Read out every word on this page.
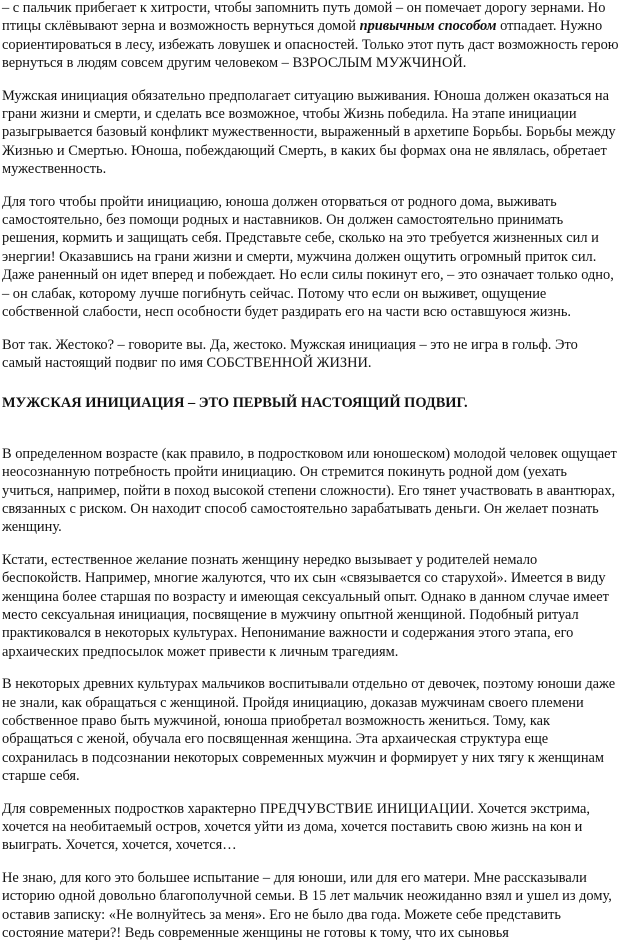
– с пальчик прибегает к хитрости, чтобы запомнить путь домой – он помечает дорогу зернами. Но птицы склёвывают зерна и возможность вернуться домой привычным способом отпадает. Нужно сориентироваться в лесу, избежать ловушек и опасностей. Только этот путь даст возможность герою вернуться в людям совсем другим человеком – ВЗРОСЛЫМ МУЖЧИНОЙ.

Мужская инициация обязательно предполагает ситуацию выживания. Юноша должен оказаться на грани жизни и смерти, и сделать все возможное, чтобы Жизнь победила. На этапе инициации разыгрывается базовый конфликт мужественности, выраженный в архетипе Борьбы. Борьбы между Жизнью и Смертью. Юноша, побеждающий Смерть, в каких бы формах она не являлась, обретает мужественность.

Для того чтобы пройти инициацию, юноша должен оторваться от родного дома, выживать самостоятельно, без помощи родных и наставников. Он должен самостоятельно принимать решения, кормить и защищать себя. Представьте себе, сколько на это требуется жизненных сил и энергии! Оказавшись на грани жизни и смерти, мужчина должен ощутить огромный приток сил. Даже раненный он идет вперед и побеждает. Но если силы покинут его, – это означает только одно, – он слабак, которому лучше погибнуть сейчас. Потому что если он выживет, ощущение собственной слабости, несп особности будет раздирать его на части всю оставшуюся жизнь.

Вот так. Жестоко? – говорите вы. Да, жестоко. Мужская инициация – это не игра в гольф. Это самый настоящий подвиг по имя СОБСТВЕННОЙ ЖИЗНИ.

МУЖСКАЯ ИНИЦИАЦИЯ – ЭТО ПЕРВЫЙ НАСТОЯЩИЙ ПОДВИГ.

В определенном возрасте (как правило, в подростковом или юношеском) молодой человек ощущает неосознанную потребность пройти инициацию. Он стремится покинуть родной дом (уехать учиться, например, пойти в поход высокой степени сложности). Его тянет участвовать в авантюрах, связанных с риском. Он находит способ самостоятельно зарабатывать деньги. Он желает познать женщину.

Кстати, естественное желание познать женщину нередко вызывает у родителей немало беспокойств. Например, многие жалуются, что их сын «связывается со старухой». Имеется в виду женщина более старшая по возрасту и имеющая сексуальный опыт. Однако в данном случае имеет место сексуальная инициация, посвящение в мужчину опытной женщиной. Подобный ритуал практиковался в некоторых культурах. Непонимание важности и содержания этого этапа, его архаических предпосылок может привести к личным трагедиям.

В некоторых древних культурах мальчиков воспитывали отдельно от девочек, поэтому юноши даже не знали, как обращаться с женщиной. Пройдя инициацию, доказав мужчинам своего племени собственное право быть мужчиной, юноша приобретал возможность жениться. Тому, как обращаться с женой, обучала его посвященная женщина. Эта архаическая структура еще сохранилась в подсознании некоторых современных мужчин и формирует у них тягу к женщинам старше себя.

Для современных подростков характерно ПРЕДЧУВСТВИЕ ИНИЦИАЦИИ. Хочется экстрима, хочется на необитаемый остров, хочется уйти из дома, хочется поставить свою жизнь на кон и выиграть. Хочется, хочется, хочется…

Не знаю, для кого это большее испытание – для юноши, или для его матери. Мне рассказывали историю одной довольно благополучной семьи. В 15 лет мальчик неожиданно взял и ушел из дому, оставив записку: «Не волнуйтесь за меня». Его не было два года. Можете себе представить состояние матери?! Ведь современные женщины не готовы к тому, что их сыновья
